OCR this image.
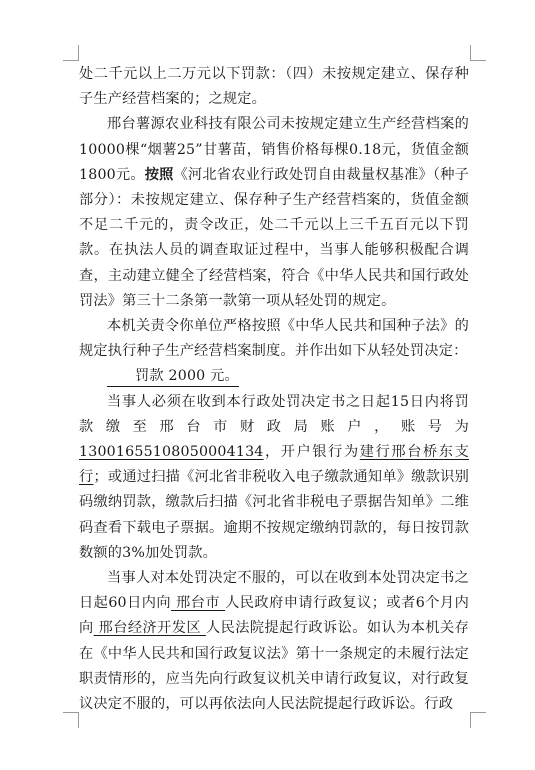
处二千元以上二万元以下罚款：（四）未按规定建立、保存种子生产经营档案的；之规定。

邢台薯源农业科技有限公司未按规定建立生产经营档案的10000棵“烟薯25”甘薯苗，销售价格每棵0.18元，货值金额1800元。按照《河北省农业行政处罚自由裁量权基准》（种子部分）：未按规定建立、保存种子生产经营档案的，货值金额不足二千元的，责令改正，处二千元以上三千五百元以下罚款。在执法人员的调查取证过程中，当事人能够积极配合调查，主动建立健全了经营档案，符合《中华人民共和国行政处罚法》第三十二条第一款第一项从轻处罚的规定。

本机关责令你单位严格按照《中华人民共和国种子法》的规定执行种子生产经营档案制度。并作出如下从轻处罚决定：

罚款 2000 元。

当事人必须在收到本行政处罚决定书之日起15日内将罚款缴至邢台市财政局账户，账号为13001655108050004134，开户银行为建行邢台桥东支行；或通过扫描《河北省非税收入电子缴款通知单》缴款识别码缴纳罚款，缴款后扫描《河北省非税电子票据告知单》二维码查看下载电子票据。逾期不按规定缴纳罚款的，每日按罚款数额的3%加处罚款。

当事人对本处罚决定不服的，可以在收到本处罚决定书之日起60日内向 邢台市 人民政府申请行政复议；或者6个月内向 邢台经济开发区 人民法院提起行政诉讼。如认为本机关存在《中华人民共和国行政复议法》第十一条规定的未履行法定职责情形的，应当先向行政复议机关申请行政复议，对行政复议决定不服的，可以再依法向人民法院提起行政诉讼。行政
